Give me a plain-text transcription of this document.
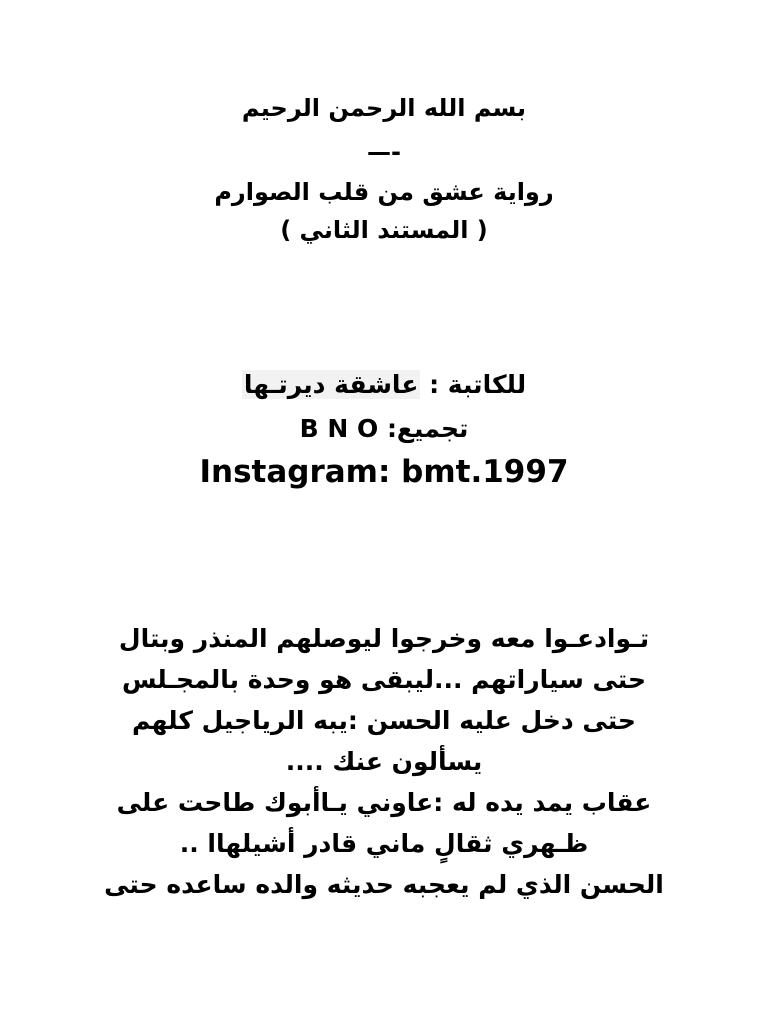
بسم الله الرحمن الرحيم
—-
رواية عشق من قلب الصوارم
( المستند الثاني )
للكاتبة : عاشقة ديرتـها
تجميع: B N O
Instagram: bmt.1997
تـوادعـوا معه وخرجوا ليوصلهم المنذر وبتال
حتى سياراتهم ...ليبقى هو وحدة بالمجـلس
حتى دخل عليه الحسن :يبه الرياجيل كلهم
يسألون عنك ....
عقاب يمد يده له :عاوني يـاأبوك طاحت على
ظـهري ثقالٍ ماني قادر أشيلهاا ..
الحسن الذي لم يعجبه حديثه والده ساعده حتى
